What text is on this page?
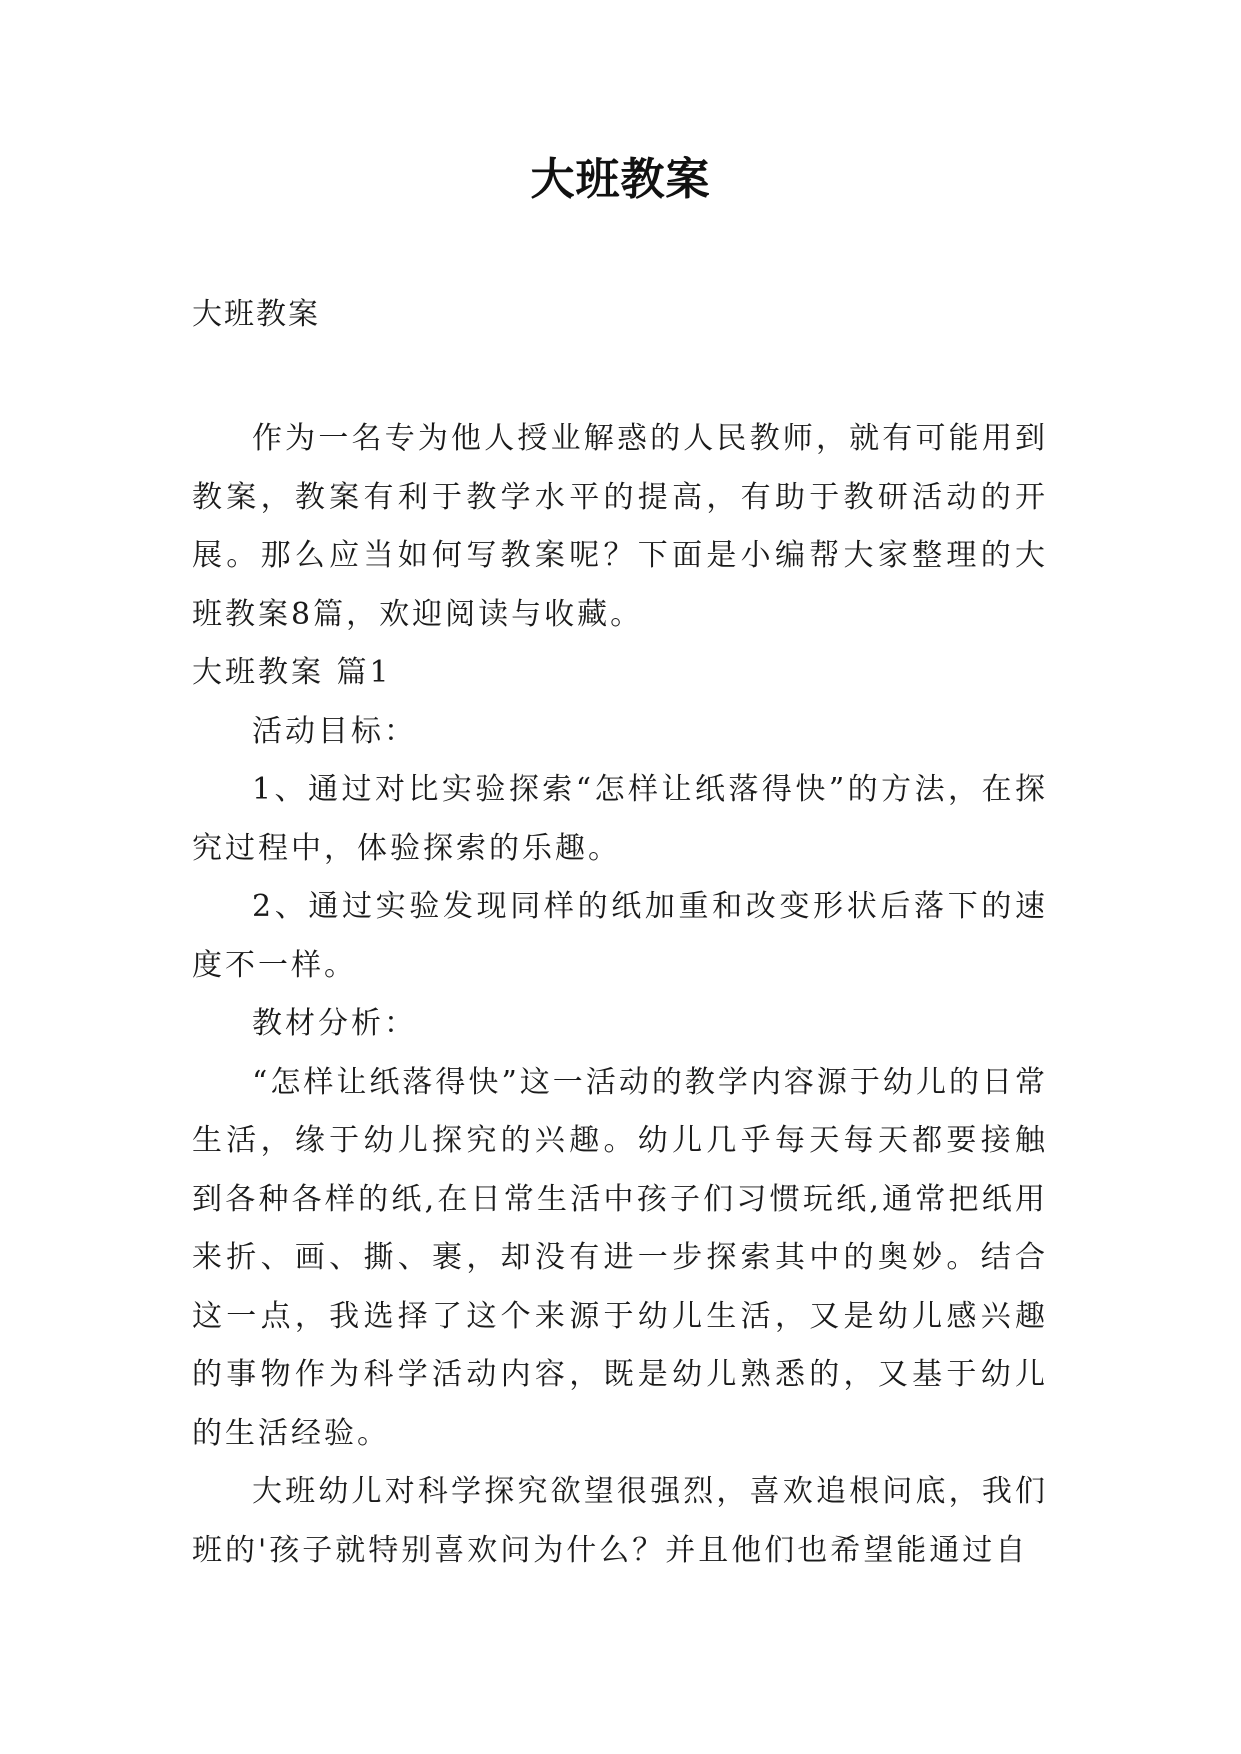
大班教案
大班教案

作为一名专为他人授业解惑的人民教师，就有可能用到教案，教案有利于教学水平的提高，有助于教研活动的开展。那么应当如何写教案呢？下面是小编帮大家整理的大班教案8篇，欢迎阅读与收藏。

大班教案 篇1

活动目标：

1、通过对比实验探索“怎样让纸落得快”的方法，在探究过程中，体验探索的乐趣。

2、通过实验发现同样的纸加重和改变形状后落下的速度不一样。

教材分析：

“怎样让纸落得快”这一活动的教学内容源于幼儿的日常生活，缘于幼儿探究的兴趣。幼儿几乎每天每天都要接触到各种各样的纸,在日常生活中孩子们习惯玩纸,通常把纸用来折、画、撕、裹，却没有进一步探索其中的奥妙。结合这一点，我选择了这个来源于幼儿生活，又是幼儿感兴趣的事物作为科学活动内容，既是幼儿熟悉的，又基于幼儿的生活经验。

大班幼儿对科学探究欲望很强烈，喜欢追根问底，我们班的'孩子就特别喜欢问为什么？并且他们也希望能通过自
